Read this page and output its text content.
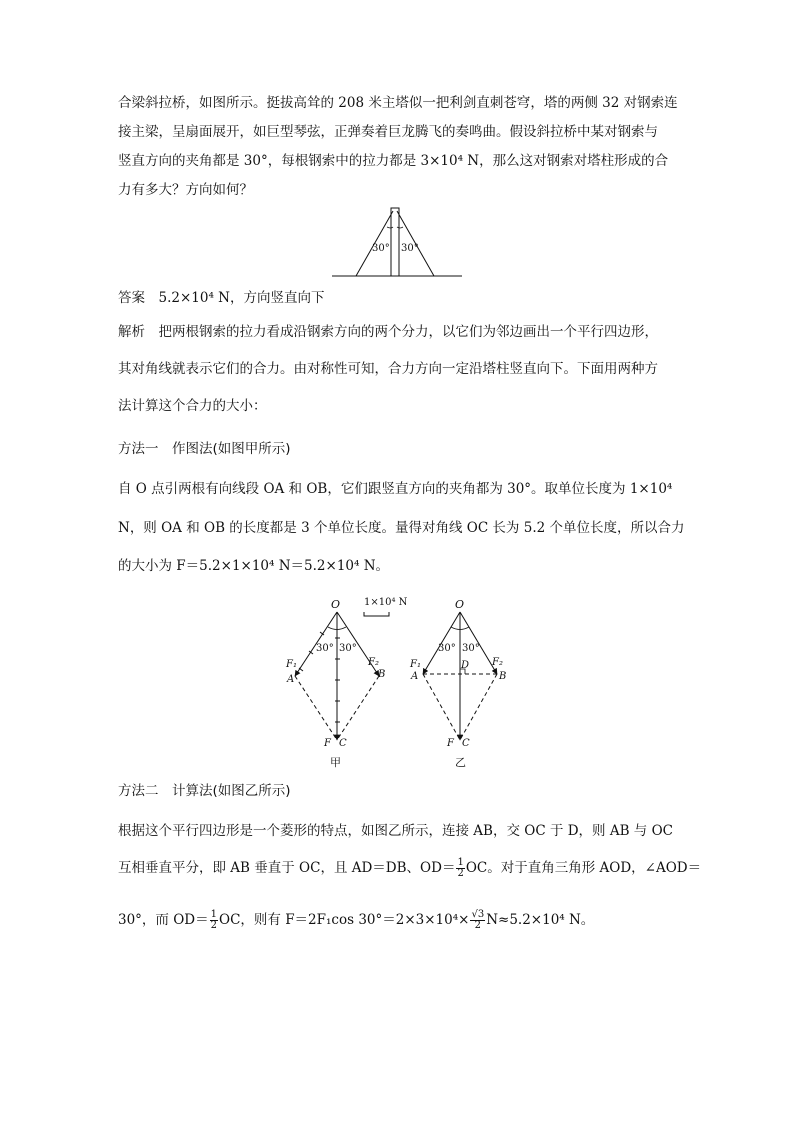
合梁斜拉桥，如图所示。挺拔高耸的 208 米主塔似一把利剑直刺苍穹，塔的两侧 32 对钢索连
接主梁，呈扇面展开，如巨型琴弦，正弹奏着巨龙腾飞的奏鸣曲。假设斜拉桥中某对钢索与
竖直方向的夹角都是 30°，每根钢索中的拉力都是 3×10⁴ N，那么这对钢索对塔柱形成的合
力有多大？方向如何？
30° 30°
答案　 5.2×10⁴ N，方向竖直向下
解析　 把两根钢索的拉力看成沿钢索方向的两个分力，以它们为邻边画出一个平行四边形，
其对角线就表示它们的合力。由对称性可知，合力方向一定沿塔柱竖直向下。下面用两种方
法计算这个合力的大小：
方法一　作图法(如图甲所示)
自 O 点引两根有向线段 OA 和 OB，它们跟竖直方向的夹角都为 30°。取单位长度为 1×10⁴
N，则 OA 和 OB 的长度都是 3 个单位长度。量得对角线 OC 长为 5.2 个单位长度，所以合力
的大小为 F＝5.2×1×10⁴ N＝5.2×10⁴ N。
O
30° 30°
F₁
A
F₂
B
F C
甲
1×10⁴ N	O
30° 30°
D
F₁
A
F₂
B
F C
乙
方法二　计算法(如图乙所示)
根据这个平行四边形是一个菱形的特点，如图乙所示，连接 AB，交 OC 于 D，则 AB 与 OC
互相垂直平分，即 AB 垂直于 OC，且 AD＝DB、$OD= \frac{1}{2}$ OC。对于直角三角形 AOD，∠AOD＝
30°，而 $OD= \frac{1}{2}$ OC，则有 F＝2F₁cos $30^\circ=2\times 3\times 10^4\times \frac{√3}{2} N\approx 5.2\times 10^4$ N。
